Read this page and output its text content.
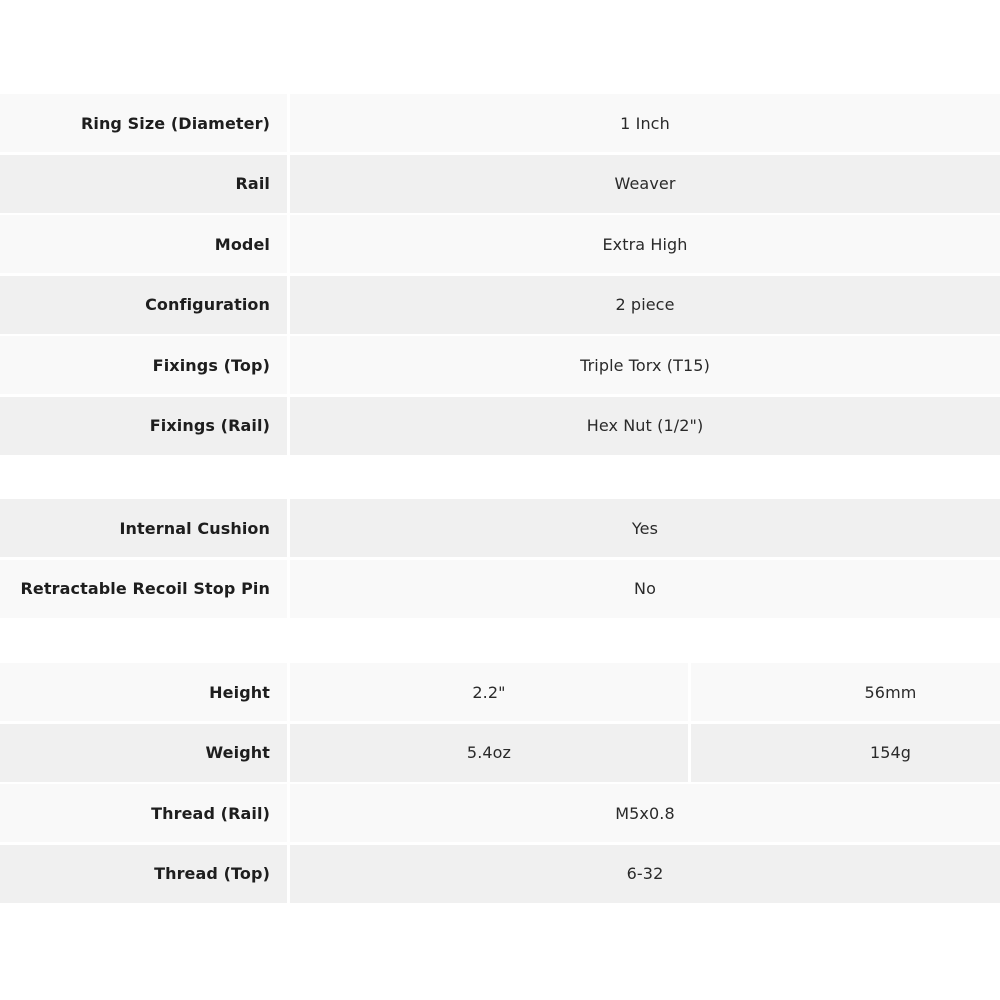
Ring Size (Diameter)	1 Inch
Rail	Weaver
Model	Extra High
Configuration	2 piece
Fixings (Top)	Triple Torx (T15)
Fixings (Rail)	Hex Nut (1/2")
Internal Cushion	Yes
Retractable Recoil Stop Pin	No
Height	2.2"	56mm
Weight	5.4oz	154g
Thread (Rail)	M5x0.8
Thread (Top)	6-32
